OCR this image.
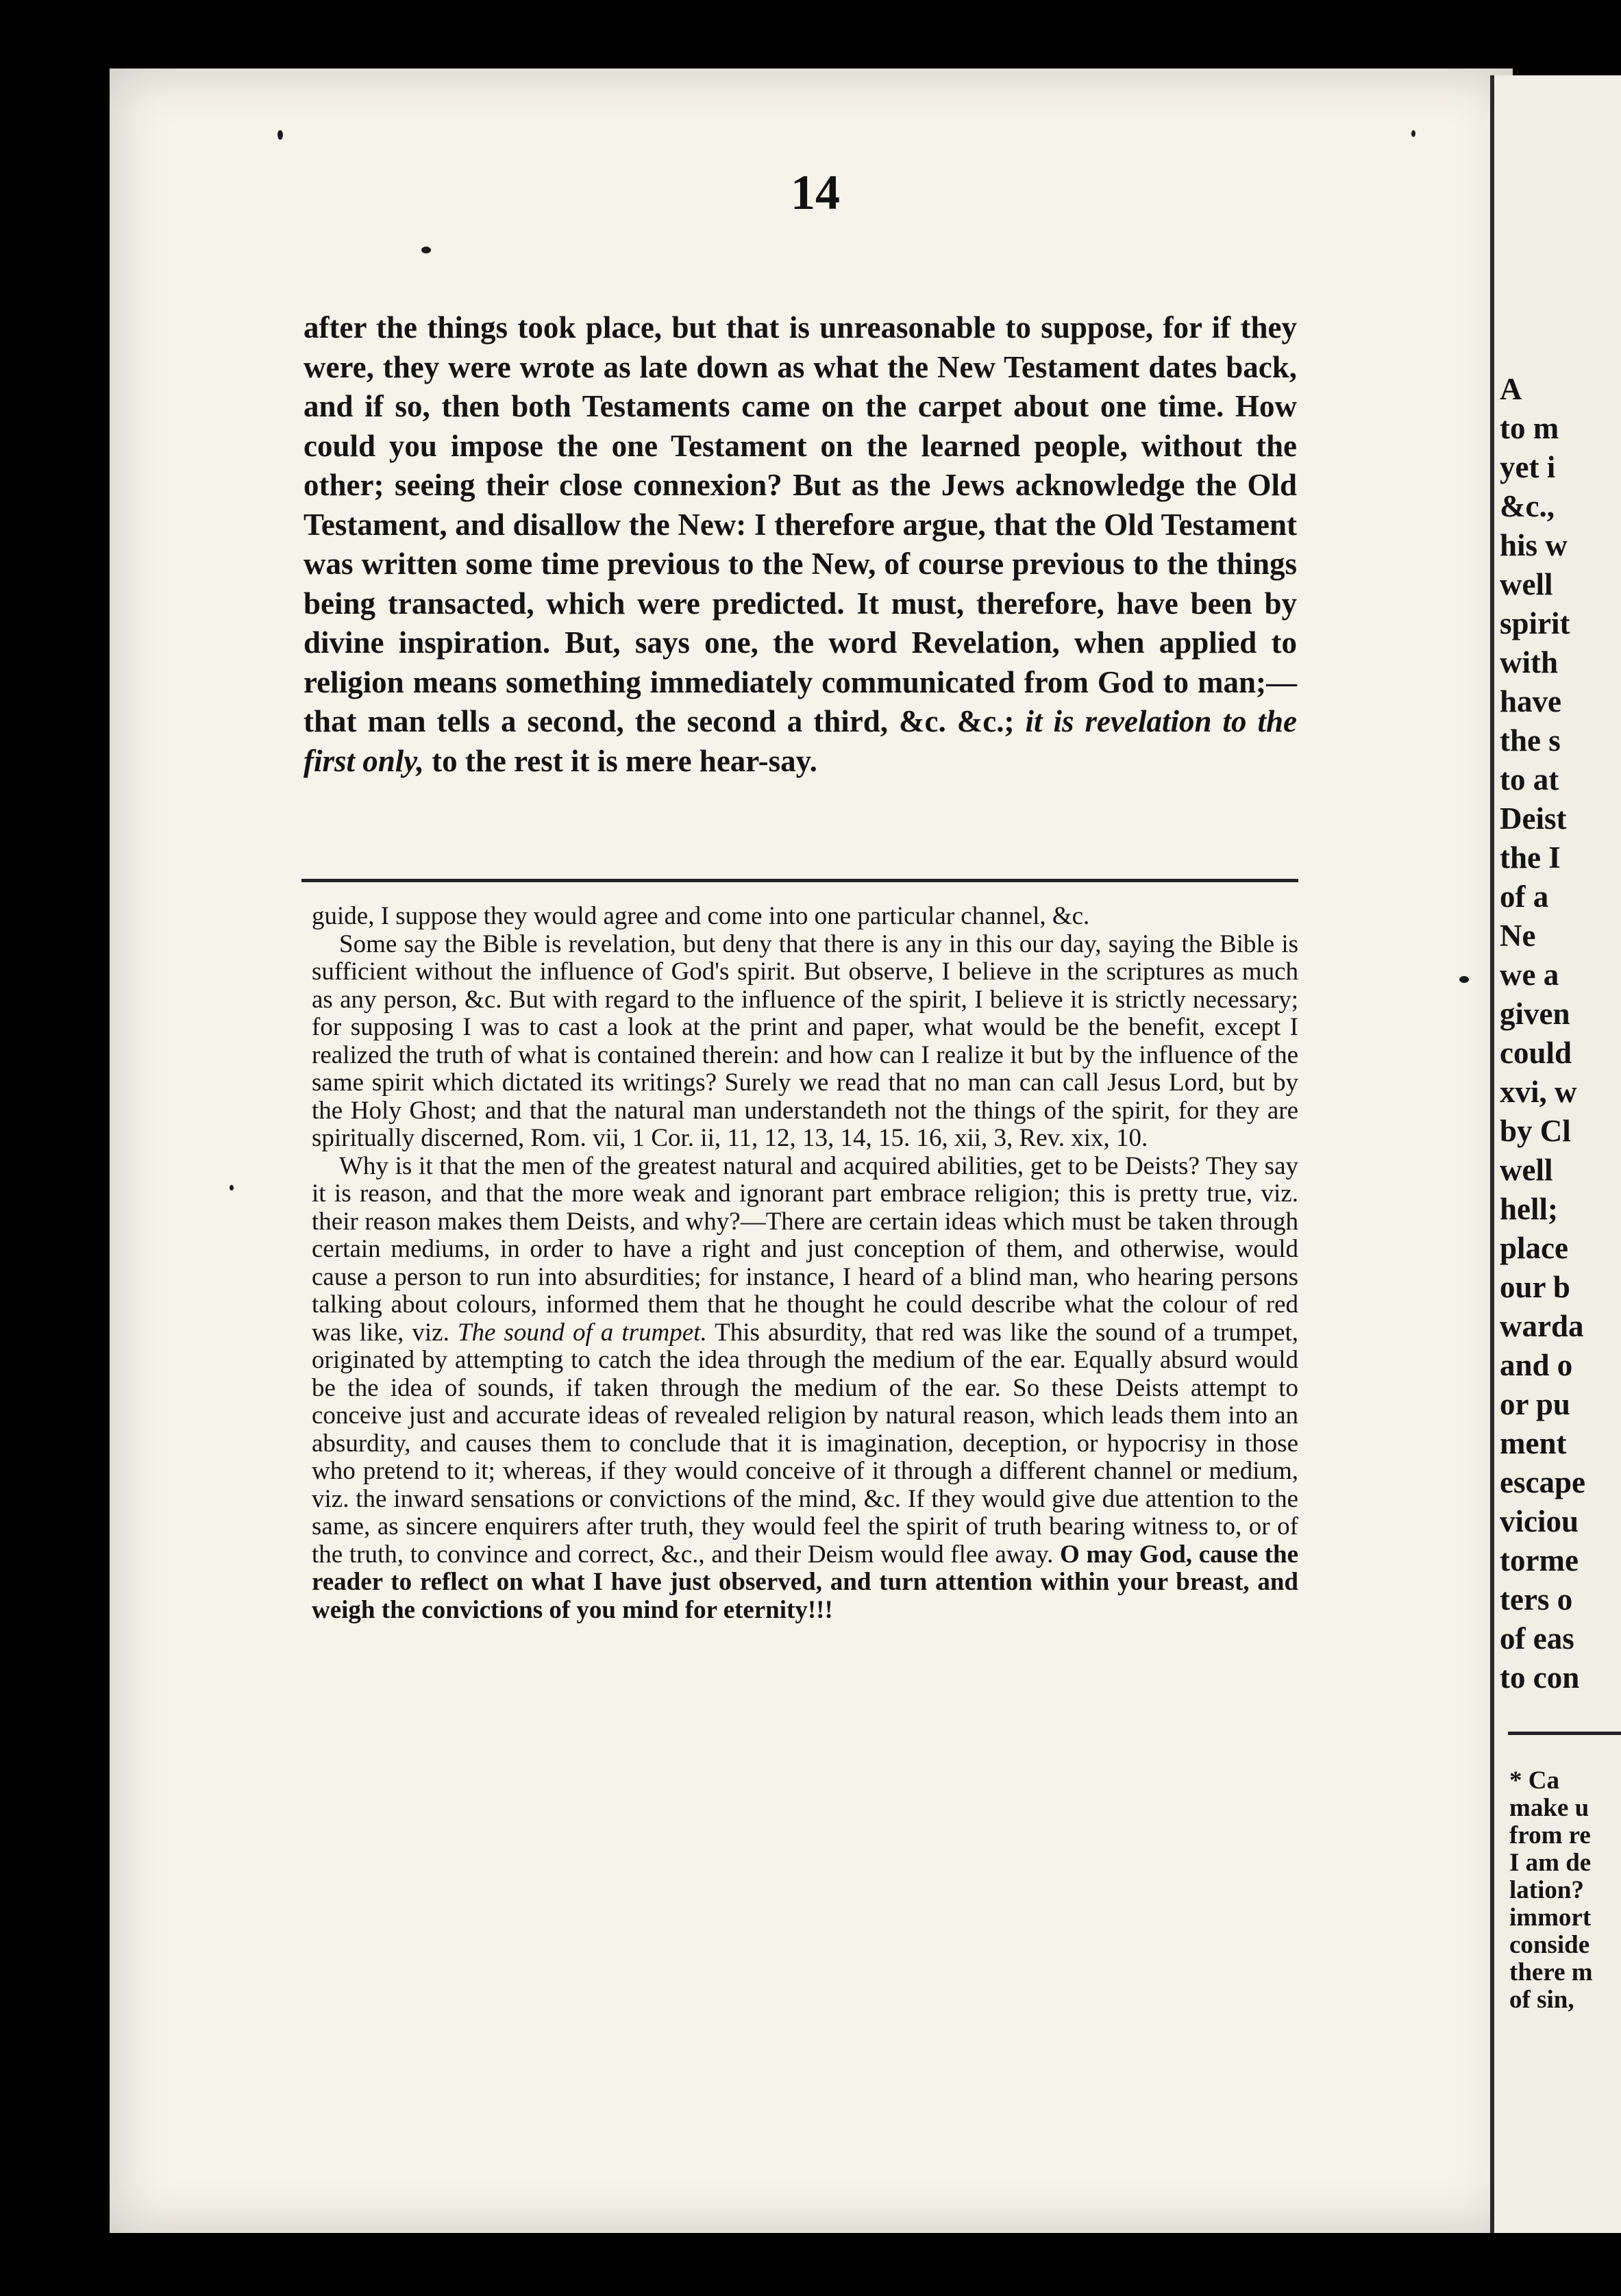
14

after the things took place, but that is unreasonable to suppose, for if they were, they were wrote as late down as what the New Testament dates back, and if so, then both Testaments came on the carpet about one time. How could you impose the one Testament on the learned people, without the other; seeing their close connexion? But as the Jews acknowledge the Old Testament, and disallow the New: I therefore argue, that the Old Testament was written some time previous to the New, of course previous to the things being transacted, which were predicted. It must, therefore, have been by divine inspiration. But, says one, the word Revelation, when applied to religion means something immediately communicated from God to man;—that man tells a second, the second a third, &c. &c.; it is revelation to the first only, to the rest it is mere hear-say.

guide, I suppose they would agree and come into one particular channel, &c.

Some say the Bible is revelation, but deny that there is any in this our day, saying the Bible is sufficient without the influence of God's spirit. But observe, I believe in the scriptures as much as any person, &c. But with regard to the influence of the spirit, I believe it is strictly necessary; for supposing I was to cast a look at the print and paper, what would be the benefit, except I realized the truth of what is contained therein: and how can I realize it but by the influence of the same spirit which dictated its writings? Surely we read that no man can call Jesus Lord, but by the Holy Ghost; and that the natural man understandeth not the things of the spirit, for they are spiritually discerned, Rom. vii, 1 Cor. ii, 11, 12, 13, 14, 15. 16, xii, 3, Rev. xix, 10.

Why is it that the men of the greatest natural and acquired abilities, get to be Deists? They say it is reason, and that the more weak and ignorant part embrace religion; this is pretty true, viz. their reason makes them Deists, and why?—There are certain ideas which must be taken through certain mediums, in order to have a right and just conception of them, and otherwise, would cause a person to run into absurdities; for instance, I heard of a blind man, who hearing persons talking about colours, informed them that he thought he could describe what the colour of red was like, viz. The sound of a trumpet. This absurdity, that red was like the sound of a trumpet, originated by attempting to catch the idea through the medium of the ear. Equally absurd would be the idea of sounds, if taken through the medium of the ear. So these Deists attempt to conceive just and accurate ideas of revealed religion by natural reason, which leads them into an absurdity, and causes them to conclude that it is imagination, deception, or hypocrisy in those who pretend to it; whereas, if they would conceive of it through a different channel or medium, viz. the inward sensations or convictions of the mind, &c. If they would give due attention to the same, as sincere enquirers after truth, they would feel the spirit of truth bearing witness to, or of the truth, to convince and correct, &c., and their Deism would flee away. O may God, cause the reader to reflect on what I have just observed, and turn attention within your breast, and weigh the convictions of you mind for eternity!!!

A
to m
yet i
&c.,
his w
well
spirit
with
have
the s
to at
Deist
the I
of a
Ne
we a
given
could
xvi, w
by Cl
well
hell;
place
our b
warda
and o
or pu
ment
escape
viciou
torme
ters o
of eas
to con
* Ca
make u
from re
I am de
lation?
immort
conside
there m
of sin,
